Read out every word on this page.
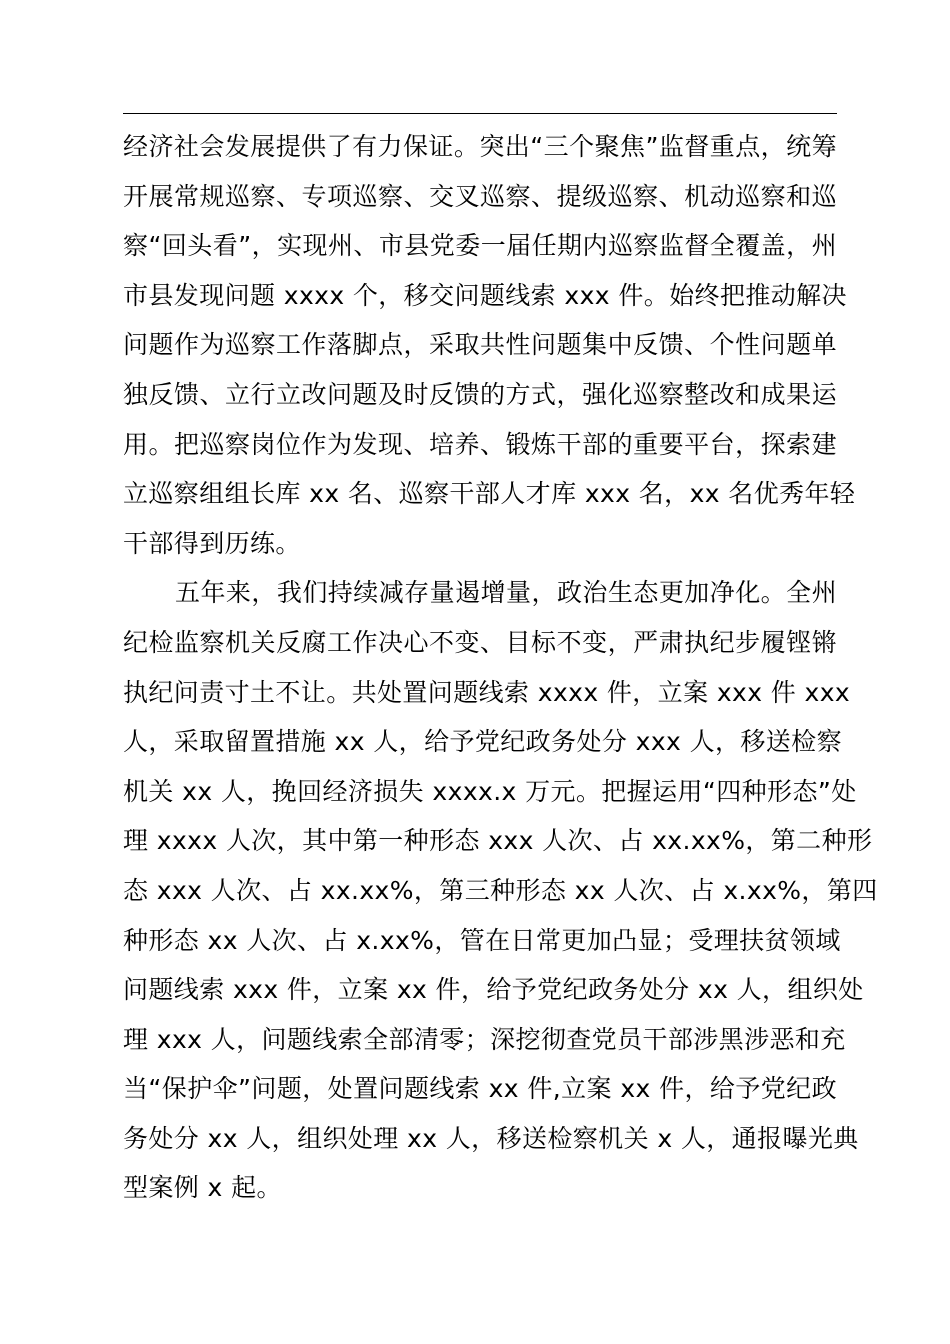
经济社会发展提供了有力保证。突出“三个聚焦”监督重点，统筹
开展常规巡察、专项巡察、交叉巡察、提级巡察、机动巡察和巡
察“回头看”，实现州、市县党委一届任期内巡察监督全覆盖，州
市县发现问题 xxxx 个，移交问题线索 xxx 件。始终把推动解决
问题作为巡察工作落脚点，采取共性问题集中反馈、个性问题单
独反馈、立行立改问题及时反馈的方式，强化巡察整改和成果运
用。把巡察岗位作为发现、培养、锻炼干部的重要平台，探索建
立巡察组组长库 xx 名、巡察干部人才库 xxx 名，xx 名优秀年轻
干部得到历练。
五年来，我们持续减存量遏增量，政治生态更加净化。全州
纪检监察机关反腐工作决心不变、目标不变，严肃执纪步履铿锵
执纪问责寸土不让。共处置问题线索 xxxx 件，立案 xxx 件 xxx
人，采取留置措施 xx 人，给予党纪政务处分 xxx 人，移送检察
机关 xx 人，挽回经济损失 xxxx.x 万元。把握运用“四种形态”处
理 xxxx 人次，其中第一种形态 xxx 人次、占 xx.xx%，第二种形
态 xxx 人次、占 xx.xx%，第三种形态 xx 人次、占 x.xx%，第四
种形态 xx 人次、占 x.xx%，管在日常更加凸显；受理扶贫领域
问题线索 xxx 件，立案 xx 件，给予党纪政务处分 xx 人，组织处
理 xxx 人，问题线索全部清零；深挖彻查党员干部涉黑涉恶和充
当“保护伞”问题，处置问题线索 xx 件,立案 xx 件，给予党纪政
务处分 xx 人，组织处理 xx 人，移送检察机关 x 人，通报曝光典
型案例 x 起。
